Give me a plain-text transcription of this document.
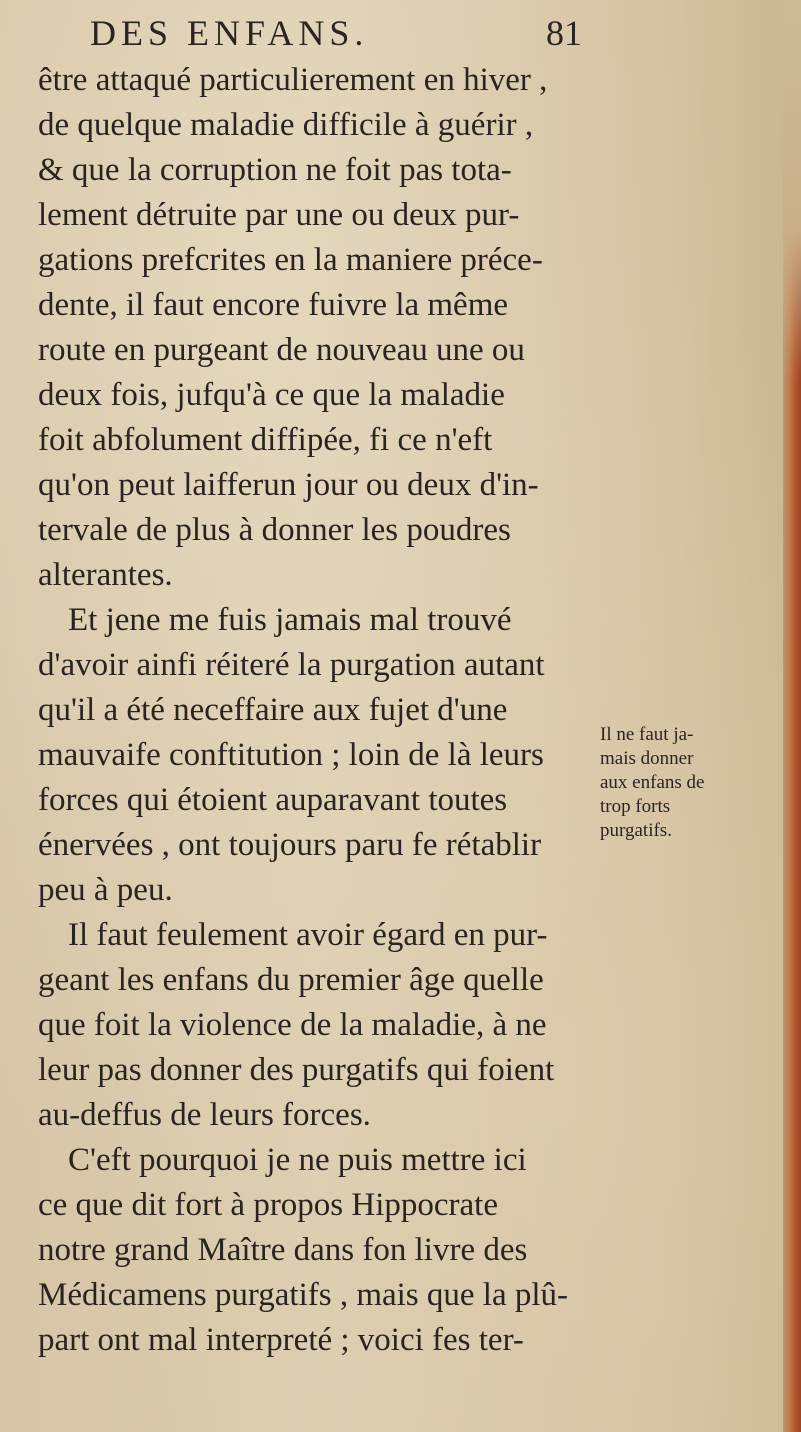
DES ENFANS.	81
être attaqué particulierement en hiver ,
de quelque maladie difficile à guérir ,
& que la corruption ne foit pas tota-
lement détruite par une ou deux pur-
gations prefcrites en la maniere préce-
dente, il faut encore fuivre la même
route en purgeant de nouveau une ou
deux fois, jufqu'à ce que la maladie
foit abfolument diffipée, fi ce n'eft
qu'on peut laifferun jour ou deux d'in-
tervale de plus à donner les poudres
alterantes.
Et jene me fuis jamais mal trouvé
d'avoir ainfi réiteré la purgation autant
qu'il a été neceffaire aux fujet d'une
mauvaife conftitution ; loin de là leurs
forces qui étoient auparavant toutes
énervées , ont toujours paru fe rétablir
peu à peu.
Il faut feulement avoir égard en pur-
geant les enfans du premier âge quelle
que foit la violence de la maladie, à ne
leur pas donner des purgatifs qui foient
au-deffus de leurs forces.
C'eft pourquoi je ne puis mettre ici
ce que dit fort à propos Hippocrate
notre grand Maître dans fon livre des
Médicamens purgatifs , mais que la plû-
part ont mal interpreté ; voici fes ter-
Il ne faut ja-
mais donner
aux enfans de
trop forts
purgatifs.
